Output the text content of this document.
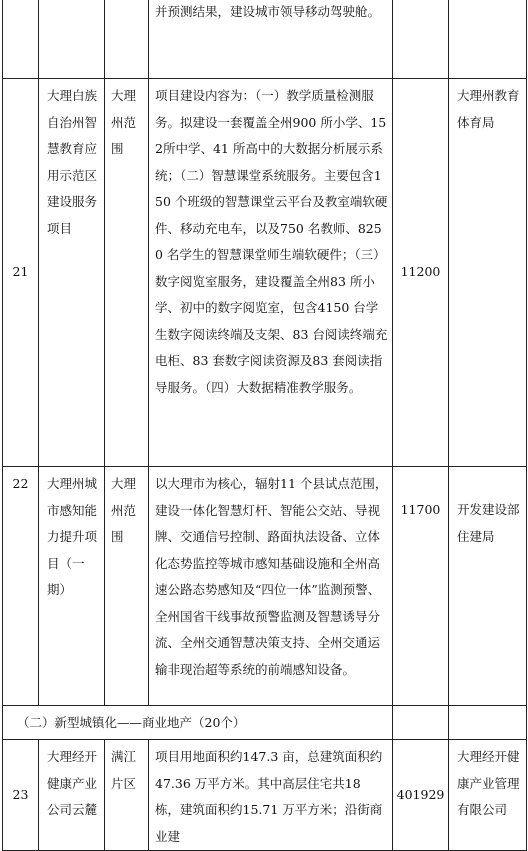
			并预测结果，建设城市领导移动驾驶舱。		
21	大理白族自治州智慧教育应用示范区建设服务项目	大理州范围	项目建设内容为：（一）教学质量检测服务。拟建设一套覆盖全州900 所小学、152所中学、41 所高中的大数据分析展示系统；（二）智慧课堂系统服务。主要包含150 个班级的智慧课堂云平台及教室端软硬件、移动充电车，以及750 名教师、8250 名学生的智慧课堂师生端软硬件；（三）数字阅览室服务，建设覆盖全州83 所小学、初中的数字阅览室，包含4150 台学生数字阅读终端及支架、83 台阅读终端充电柜、83 套数字阅读资源及83 套阅读指导服务。（四）大数据精准教学服务。	11200	大理州教育体育局
22	大理州城市感知能力提升项目（一期）	大理州范围	以大理市为核心，辐射11 个县试点范围，建设一体化智慧灯杆、智能公交站、导视牌、交通信号控制、路面执法设备、立体化态势监控等城市感知基础设施和全州高速公路态势感知及“四位一体”监测预警、全州国省干线事故预警监测及智慧诱导分流、全州交通智慧决策支持、全州交通运输非现治超等系统的前端感知设备。	11700	开发建设部住建局
（二）新型城镇化——商业地产（20个）					
23	大理经开健康产业公司云麓	满江片区	项目用地面积约147.3 亩，总建筑面积约47.36 万平方米。其中高层住宅共18 栋，建筑面积约15.71 万平方米；沿街商业建	401929	大理经开健康产业管理有限公司
